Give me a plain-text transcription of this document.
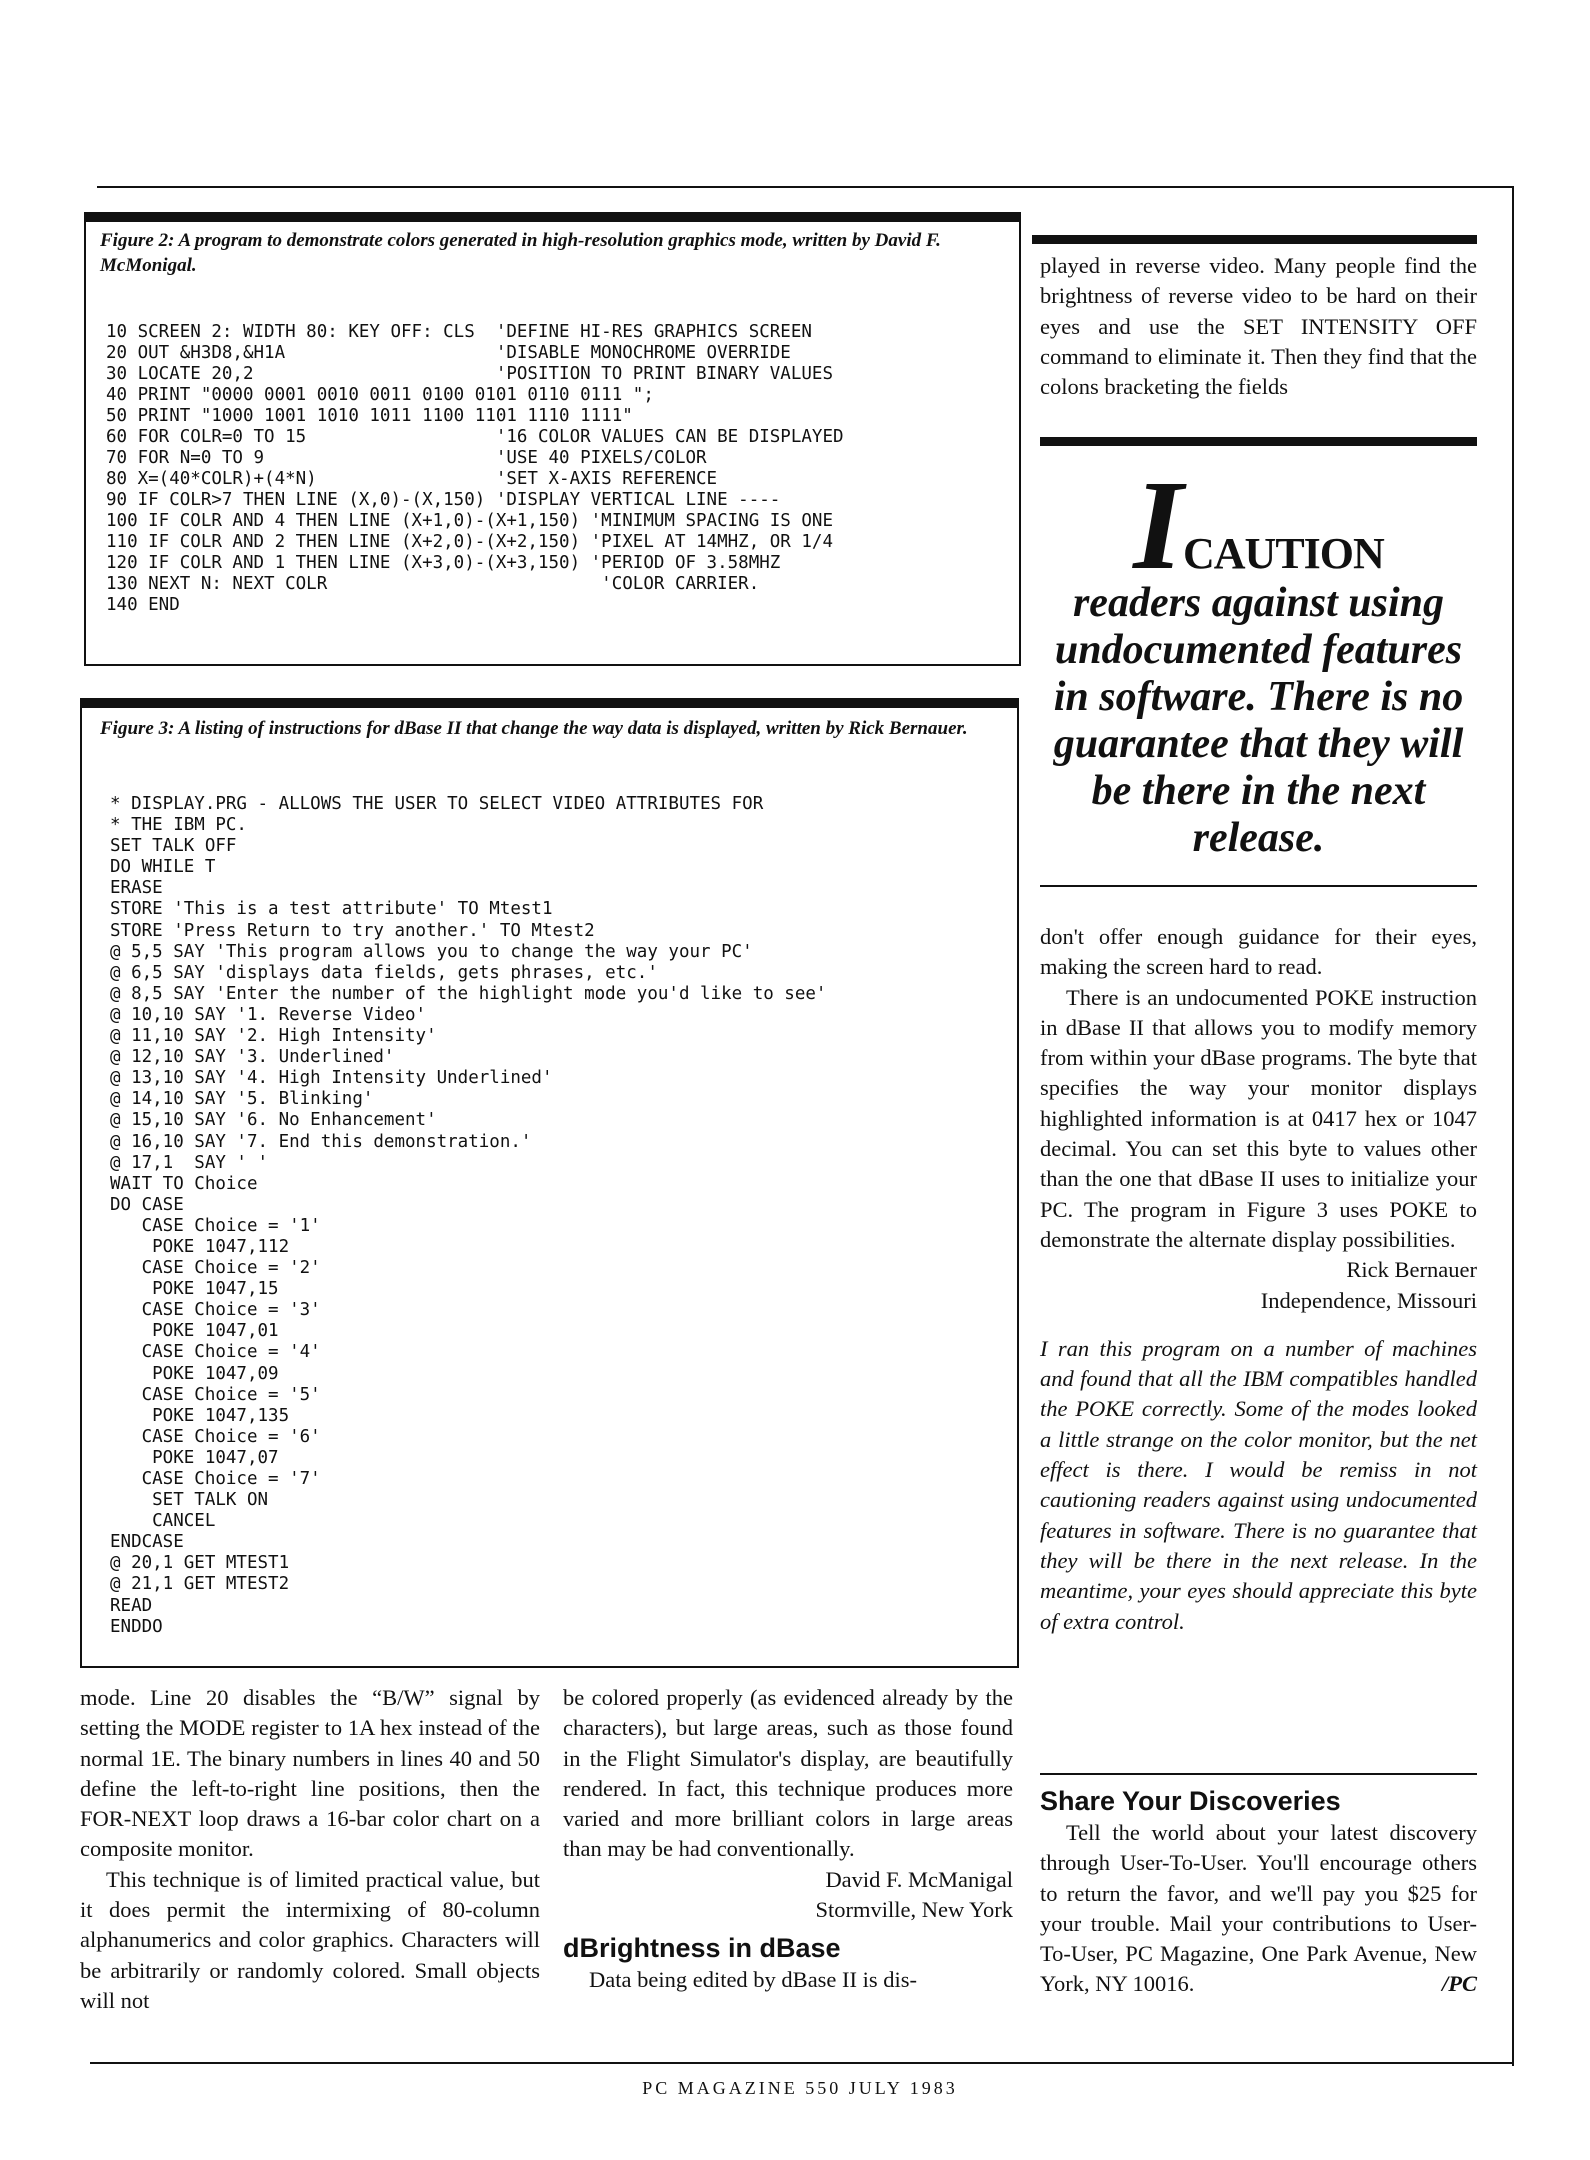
Figure 2: A program to demonstrate colors generated in high-resolution graphics mode, written by David F. McMonigal.
10 SCREEN 2: WIDTH 80: KEY OFF: CLS  'DEFINE HI-RES GRAPHICS SCREEN
20 OUT &H3D8,&H1A                    'DISABLE MONOCHROME OVERRIDE
30 LOCATE 20,2                       'POSITION TO PRINT BINARY VALUES
40 PRINT "0000 0001 0010 0011 0100 0101 0110 0111 ";
50 PRINT "1000 1001 1010 1011 1100 1101 1110 1111"
60 FOR COLR=0 TO 15                  '16 COLOR VALUES CAN BE DISPLAYED
70 FOR N=0 TO 9                      'USE 40 PIXELS/COLOR
80 X=(40*COLR)+(4*N)                 'SET X-AXIS REFERENCE
90 IF COLR>7 THEN LINE (X,0)-(X,150) 'DISPLAY VERTICAL LINE ----
100 IF COLR AND 4 THEN LINE (X+1,0)-(X+1,150) 'MINIMUM SPACING IS ONE
110 IF COLR AND 2 THEN LINE (X+2,0)-(X+2,150) 'PIXEL AT 14MHZ, OR 1/4
120 IF COLR AND 1 THEN LINE (X+3,0)-(X+3,150) 'PERIOD OF 3.58MHZ
130 NEXT N: NEXT COLR                          'COLOR CARRIER.
140 END
Figure 3: A listing of instructions for dBase II that change the way data is displayed, written by Rick Bernauer.
* DISPLAY.PRG - ALLOWS THE USER TO SELECT VIDEO ATTRIBUTES FOR
* THE IBM PC.
SET TALK OFF
DO WHILE T
ERASE
STORE 'This is a test attribute' TO Mtest1
STORE 'Press Return to try another.' TO Mtest2
@ 5,5 SAY 'This program allows you to change the way your PC'
@ 6,5 SAY 'displays data fields, gets phrases, etc.'
@ 8,5 SAY 'Enter the number of the highlight mode you'd like to see'
@ 10,10 SAY '1. Reverse Video'
@ 11,10 SAY '2. High Intensity'
@ 12,10 SAY '3. Underlined'
@ 13,10 SAY '4. High Intensity Underlined'
@ 14,10 SAY '5. Blinking'
@ 15,10 SAY '6. No Enhancement'
@ 16,10 SAY '7. End this demonstration.'
@ 17,1  SAY ' '
WAIT TO Choice
DO CASE
CASE Choice = '1'
POKE 1047,112
CASE Choice = '2'
POKE 1047,15
CASE Choice = '3'
POKE 1047,01
CASE Choice = '4'
POKE 1047,09
CASE Choice = '5'
POKE 1047,135
CASE Choice = '6'
POKE 1047,07
CASE Choice = '7'
SET TALK ON
CANCEL
ENDCASE
@ 20,1 GET MTEST1
@ 21,1 GET MTEST2
READ
ENDDO

played in reverse video. Many people find the brightness of reverse video to be hard on their eyes and use the SET INTENSITY OFF command to eliminate it. Then they find that the colons bracketing the fields

ICAUTION
readers against using undocumented features in software. There is no guarantee that they will be there in the next release.

don't offer enough guidance for their eyes, making the screen hard to read.

There is an undocumented POKE instruction in dBase II that allows you to modify memory from within your dBase programs. The byte that specifies the way your monitor displays highlighted information is at 0417 hex or 1047 decimal. You can set this byte to values other than the one that dBase II uses to initialize your PC. The program in Figure 3 uses POKE to demonstrate the alternate display possibilities.

Rick Bernauer

Independence, Missouri

I ran this program on a number of machines and found that all the IBM compatibles handled the POKE correctly. Some of the modes looked a little strange on the color monitor, but the net effect is there. I would be remiss in not cautioning readers against using undocumented features in software. There is no guarantee that they will be there in the next release. In the meantime, your eyes should appreciate this byte of extra control.

Share Your Discoveries

Tell the world about your latest discovery through User-To-User. You'll encourage others to return the favor, and we'll pay you $25 for your trouble. Mail your contributions to User-To-User, PC Magazine, One Park Avenue, New York, NY 10016.	/PC

mode. Line 20 disables the “B/W” signal by setting the MODE register to 1A hex instead of the normal 1E. The binary numbers in lines 40 and 50 define the left-to-right line positions, then the FOR-NEXT loop draws a 16-bar color chart on a composite monitor.

This technique is of limited practical value, but it does permit the intermixing of 80-column alphanumerics and color graphics. Characters will be arbitrarily or randomly colored. Small objects will not

be colored properly (as evidenced already by the characters), but large areas, such as those found in the Flight Simulator's display, are beautifully rendered. In fact, this technique produces more varied and more brilliant colors in large areas than may be had conventionally.

David F. McManigal

Stormville, New York

dBrightness in dBase

Data being edited by dBase II is dis-

PC MAGAZINE 550 JULY 1983
